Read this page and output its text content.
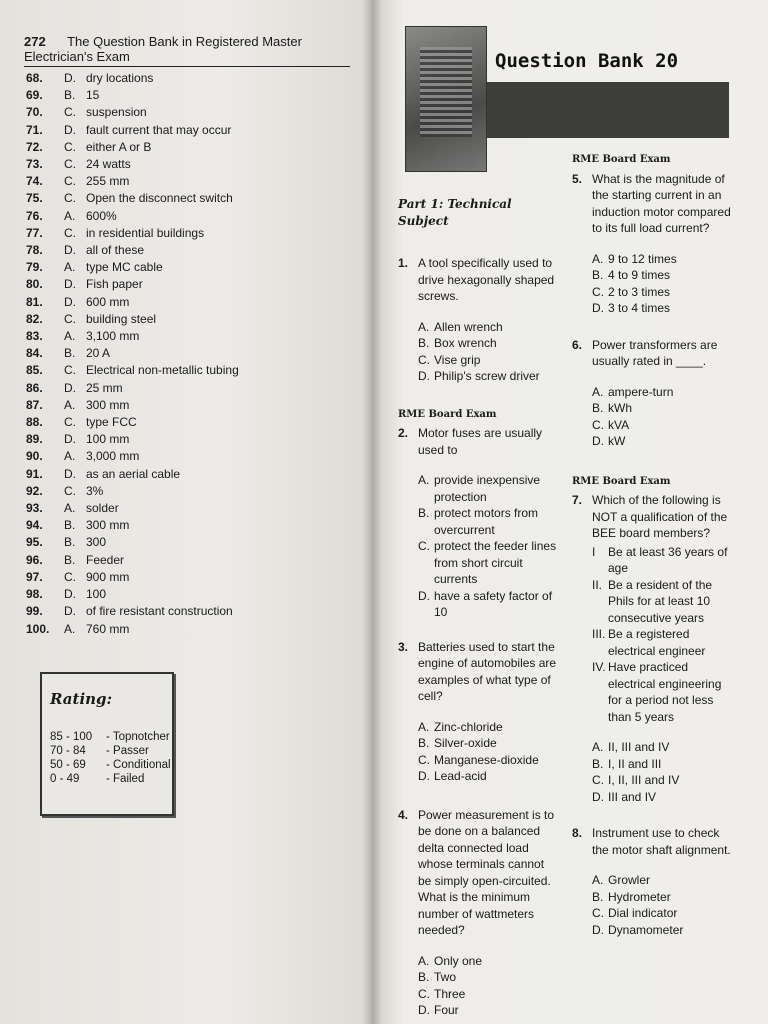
272 The Question Bank in Registered Master Electrician's Exam
68.	D. dry locations
69.	B. 15
70.	C. suspension
71.	D. fault current that may occur
72.	C. either A or B
73.	C. 24 watts
74.	C. 255 mm
75.	C. Open the disconnect switch
76.	A. 600%
77.	C. in residential buildings
78.	D. all of these
79.	A. type MC cable
80.	D. Fish paper
81.	D. 600 mm
82.	C. building steel
83.	A. 3,100 mm
84.	B. 20 A
85.	C. Electrical non-metallic tubing
86.	D. 25 mm
87.	A. 300 mm
88.	C. type FCC
89.	D. 100 mm
90.	A. 3,000 mm
91.	D. as an aerial cable
92.	C. 3%
93.	A. solder
94.	B. 300 mm
95.	B. 300
96.	B. Feeder
97.	C. 900 mm
98.	D. 100
99.	D. of fire resistant construction
100.	A. 760 mm
Rating:
85 - 100	- Topnotcher
70 - 84	- Passer
50 - 69	- Conditional
0 - 49	- Failed
Question Bank 20
Part 1: Technical Subject
1. A tool specifically used to drive hexagonally shaped screws.
A. Allen wrench
B. Box wrench
C. Vise grip
D. Philip's screw driver
RME Board Exam
2. Motor fuses are usually used to
A. provide inexpensive protection
B. protect motors from overcurrent
C. protect the feeder lines from short circuit currents
D. have a safety factor of 10
3. Batteries used to start the engine of automobiles are examples of what type of cell?
A. Zinc-chloride
B. Silver-oxide
C. Manganese-dioxide
D. Lead-acid
4. Power measurement is to be done on a balanced delta connected load whose terminals cannot be simply open-circuited. What is the minimum number of wattmeters needed?
A. Only one
B. Two
C. Three
D. Four
RME Board Exam
5. What is the magnitude of the starting current in an induction motor compared to its full load current?
A. 9 to 12 times
B. 4 to 9 times
C. 2 to 3 times
D. 3 to 4 times
6. Power transformers are usually rated in ____.
A. ampere-turn
B. kWh
C. kVA
D. kW
RME Board Exam
7. Which of the following is NOT a qualification of the BEE board members?
I	Be at least 36 years of age
II. Be a resident of the Phils for at least 10 consecutive years
III. Be a registered electrical engineer
IV. Have practiced electrical engineering for a period not less than 5 years
A. II, III and IV
B. I, II and III
C. I, II, III and IV
D. III and IV
8. Instrument use to check the motor shaft alignment.
A. Growler
B. Hydrometer
C. Dial indicator
D. Dynamometer
